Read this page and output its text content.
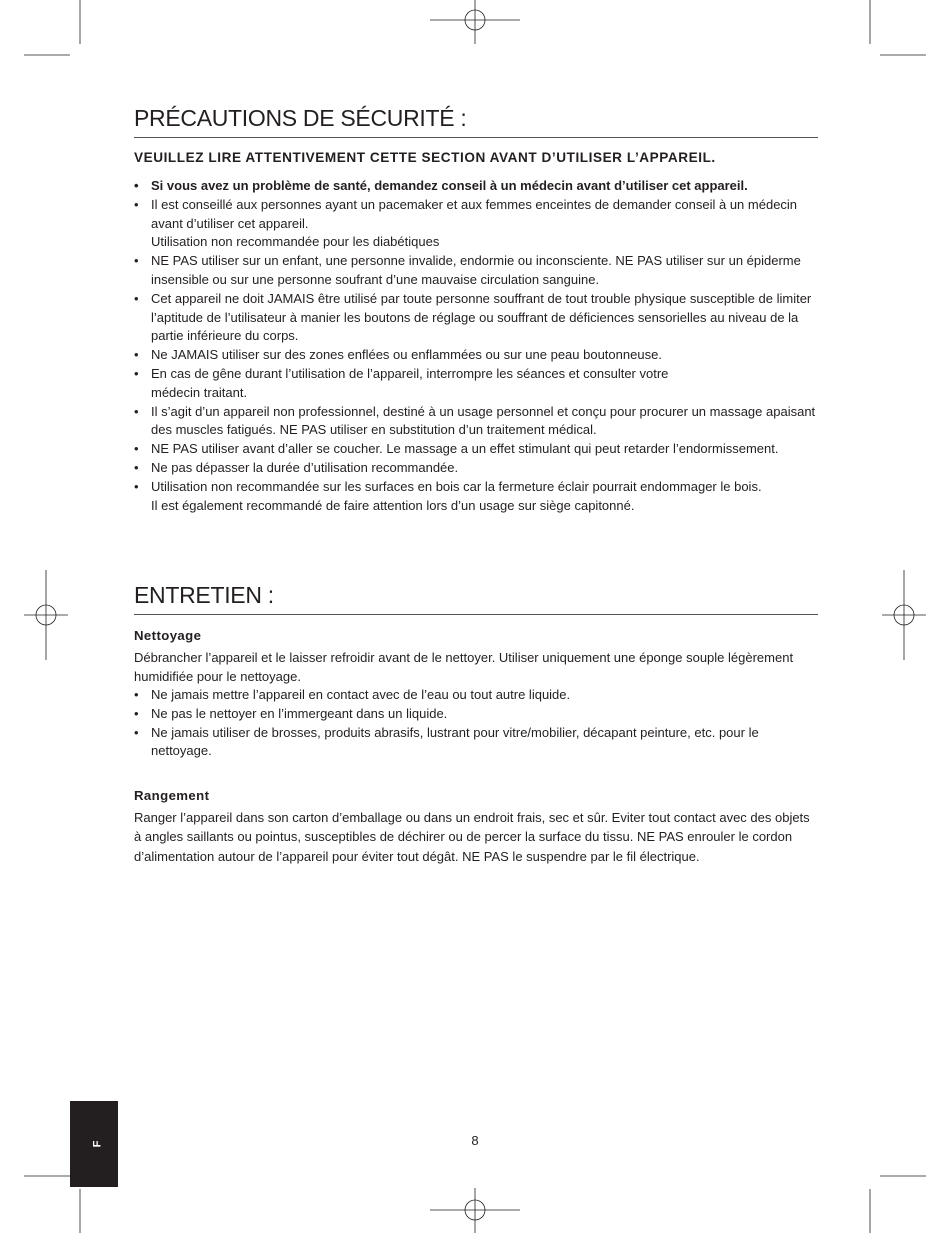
PRÉCAUTIONS DE SÉCURITÉ :
VEUILLEZ LIRE ATTENTIVEMENT CETTE SECTION AVANT D’UTILISER L’APPAREIL.
• Si vous avez un problème de santé, demandez conseil à un médecin avant d’utiliser cet appareil.
• Il est conseillé aux personnes ayant un pacemaker et aux femmes enceintes de demander conseil à un médecin avant d’utiliser cet appareil.
Utilisation non recommandée pour les diabétiques
• NE PAS utiliser sur un enfant, une personne invalide, endormie ou inconsciente. NE PAS utiliser sur un épiderme insensible ou sur une personne soufrant d’une mauvaise circulation sanguine.
• Cet appareil ne doit JAMAIS être utilisé par toute personne souffrant de tout trouble physique susceptible de limiter l’aptitude de l’utilisateur à manier les boutons de réglage ou souffrant de déficiences sensorielles au niveau de la partie inférieure du corps.
• Ne JAMAIS utiliser sur des zones enflées ou enflammées ou sur une peau boutonneuse.
• En cas de gêne durant l’utilisation de l’appareil, interrompre les séances et consulter votre
médecin traitant.
• Il s’agit d’un appareil non professionnel, destiné à un usage personnel et conçu pour procurer un massage apaisant des muscles fatigués. NE PAS utiliser en substitution d’un traitement médical.
• NE PAS utiliser avant d’aller se coucher. Le massage a un effet stimulant qui peut retarder l’endormissement.
• Ne pas dépasser la durée d’utilisation recommandée.
• Utilisation non recommandée sur les surfaces en bois car la fermeture éclair pourrait endommager le bois.
Il est également recommandé de faire attention lors d’un usage sur siège capitonné.
ENTRETIEN :
Nettoyage

Débrancher l’appareil et le laisser refroidir avant de le nettoyer. Utiliser uniquement une éponge souple légèrement humidifiée pour le nettoyage.

• Ne jamais mettre l’appareil en contact avec de l’eau ou tout autre liquide.
• Ne pas le nettoyer en l’immergeant dans un liquide.
• Ne jamais utiliser de brosses, produits abrasifs, lustrant pour vitre/mobilier, décapant peinture, etc. pour le nettoyage.
Rangement

Ranger l’appareil dans son carton d’emballage ou dans un endroit frais, sec et sûr. Eviter tout contact avec des objets à angles saillants ou pointus, susceptibles de déchirer ou de percer la surface du tissu. NE PAS enrouler le cordon d’alimentation autour de l’appareil pour éviter tout dégât. NE PAS le suspendre par le fil électrique.

8
F
